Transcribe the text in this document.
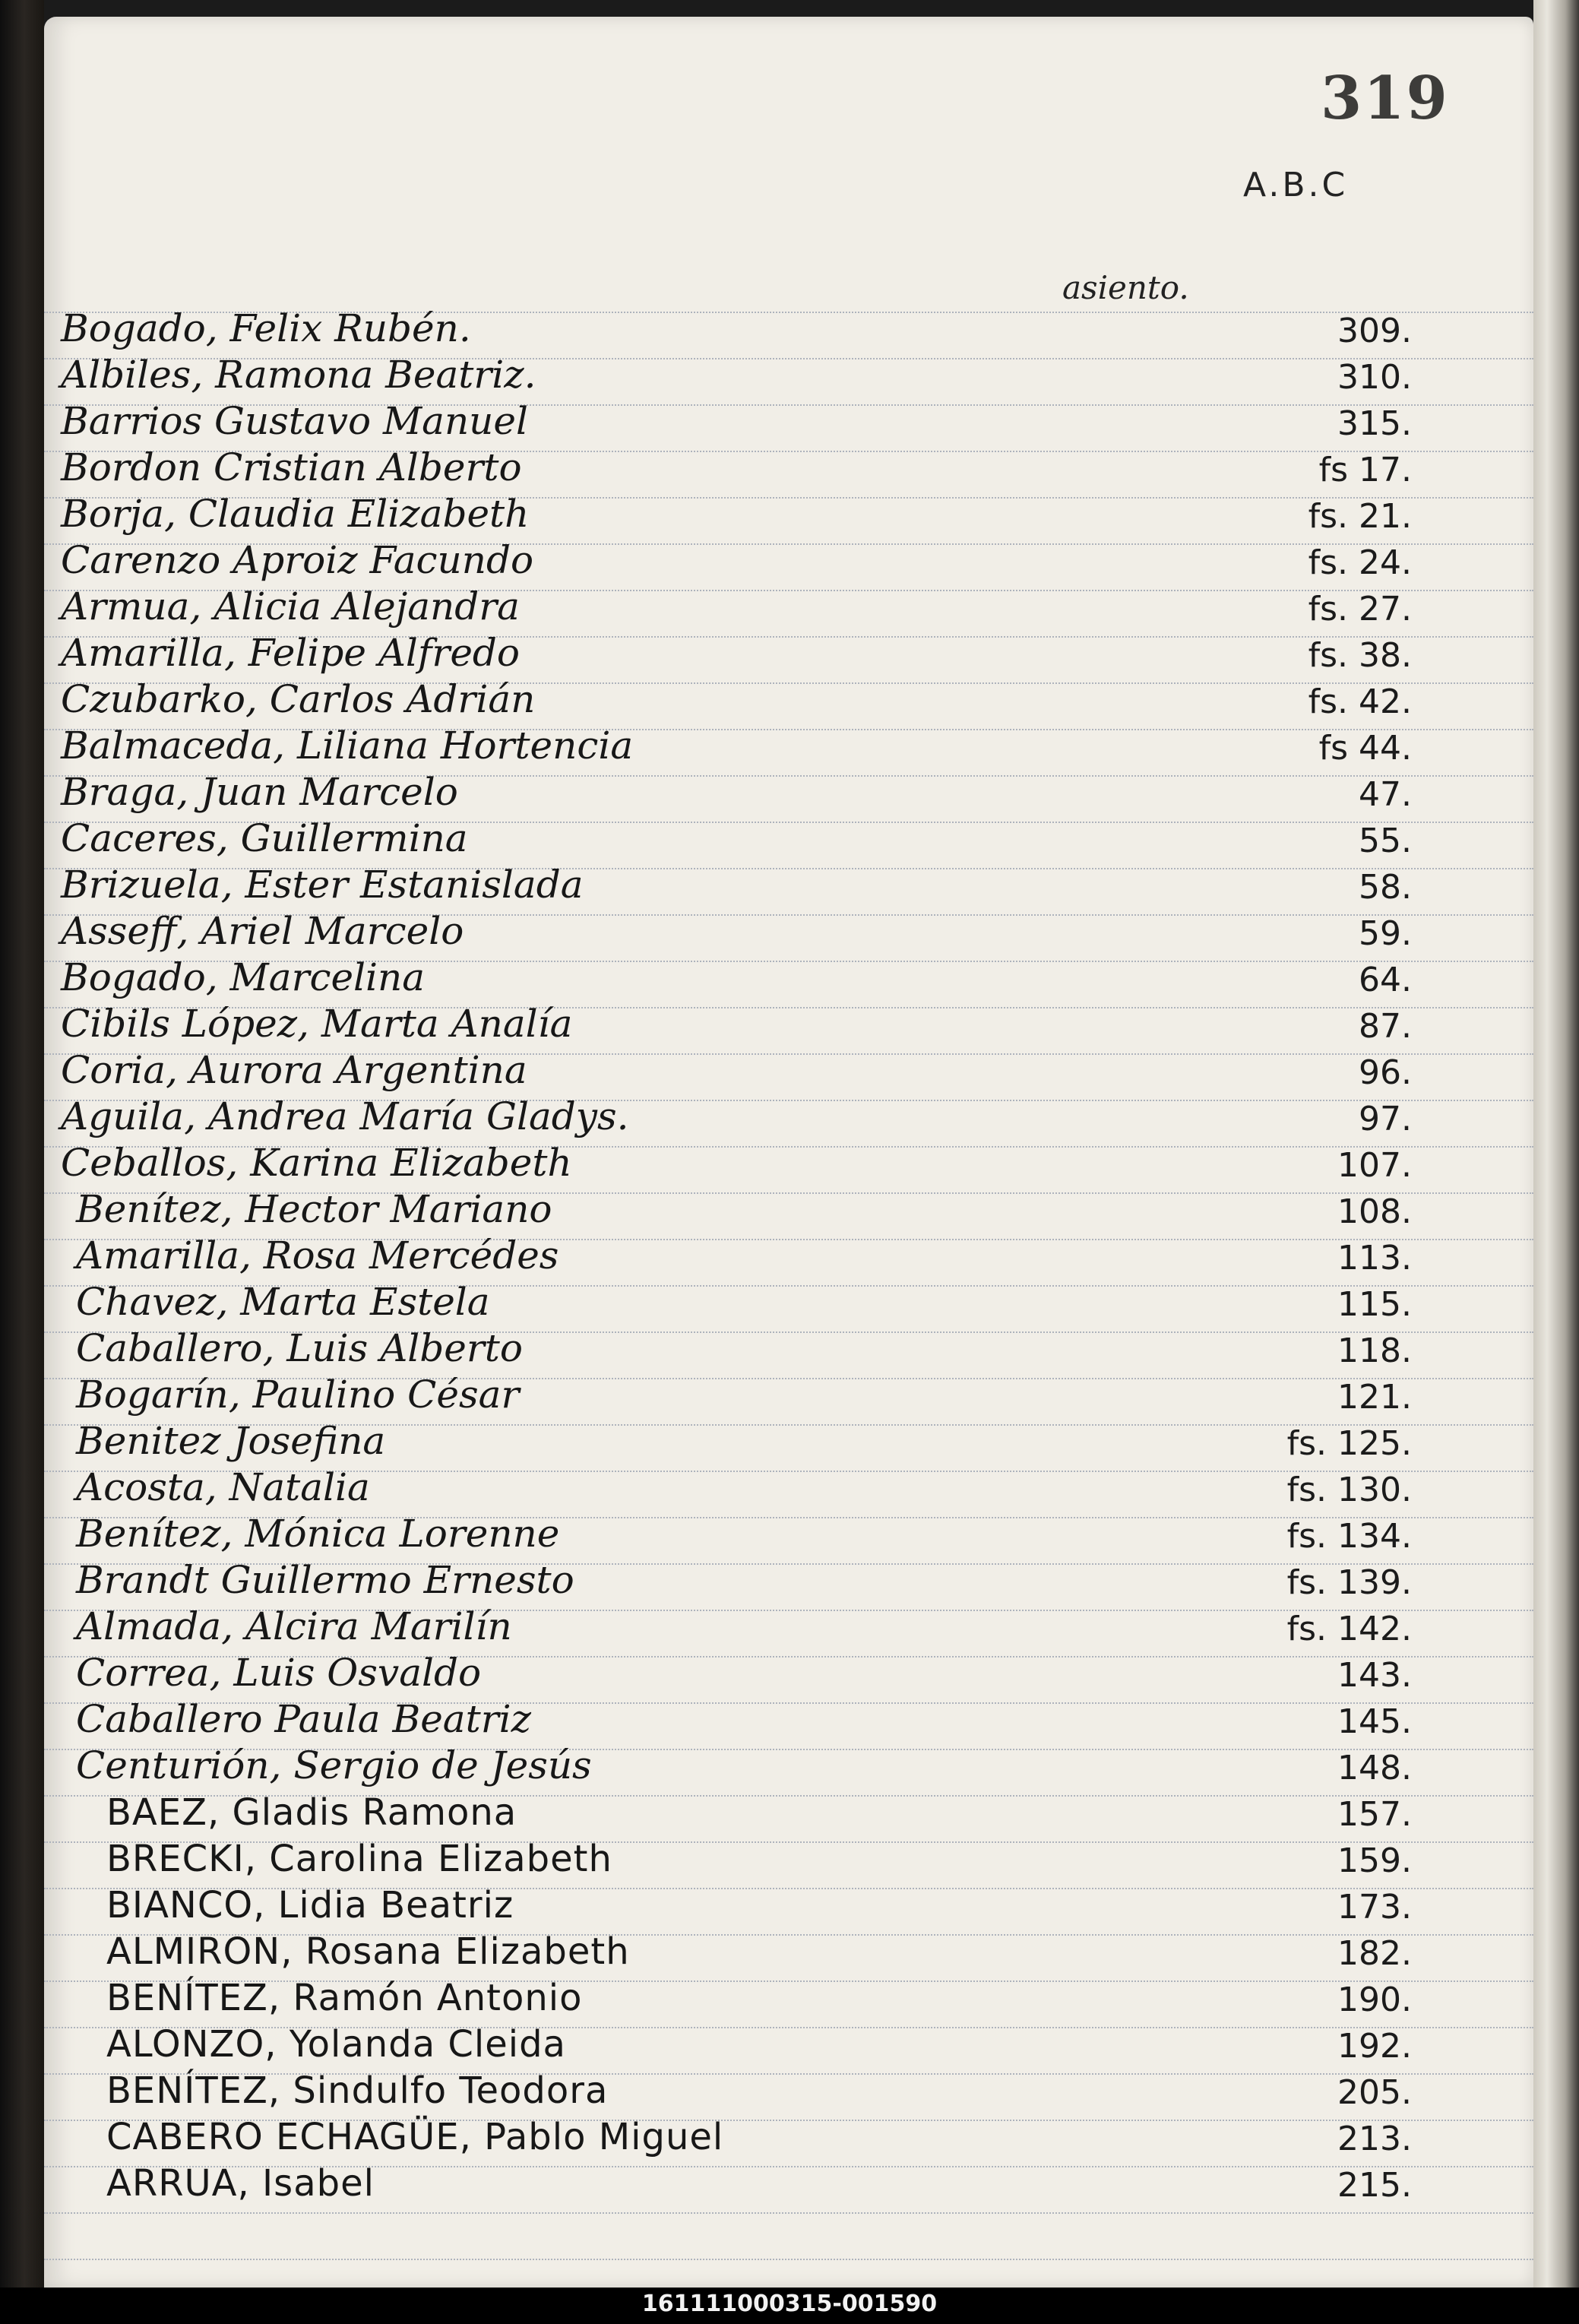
319
A.B.C
asiento.
Bogado, Felix Rubén.	309.
Albiles, Ramona Beatriz.	310.
Barrios Gustavo Manuel	315.
Bordon Cristian Alberto	fs 17.
Borja, Claudia Elizabeth	fs. 21.
Carenzo Aproiz Facundo	fs. 24.
Armua, Alicia Alejandra	fs. 27.
Amarilla, Felipe Alfredo	fs. 38.
Czubarko, Carlos Adrián	fs. 42.
Balmaceda, Liliana Hortencia	fs 44.
Braga, Juan Marcelo	47.
Caceres, Guillermina	55.
Brizuela, Ester Estanislada	58.
Asseff, Ariel Marcelo	59.
Bogado, Marcelina	64.
Cibils López, Marta Analía	87.
Coria, Aurora Argentina	96.
Aguila, Andrea María Gladys.	97.
Ceballos, Karina Elizabeth	107.
Benítez, Hector Mariano	108.
Amarilla, Rosa Mercédes	113.
Chavez, Marta Estela	115.
Caballero, Luis Alberto	118.
Bogarín, Paulino César	121.
Benitez Josefina	fs. 125.
Acosta, Natalia	fs. 130.
Benítez, Mónica Lorenne	fs. 134.
Brandt Guillermo Ernesto	fs. 139.
Almada, Alcira Marilín	fs. 142.
Correa, Luis Osvaldo	143.
Caballero Paula Beatriz	145.
Centurión, Sergio de Jesús	148.
BAEZ, Gladis Ramona	157.
BRECKI, Carolina Elizabeth	159.
BIANCO, Lidia Beatriz	173.
ALMIRON, Rosana Elizabeth	182.
BENÍTEZ, Ramón Antonio	190.
ALONZO, Yolanda Cleida	192.
BENÍTEZ, Sindulfo Teodora	205.
CABERO ECHAGÜE, Pablo Miguel	213.
ARRUA, Isabel	215.
161111000315-001590
